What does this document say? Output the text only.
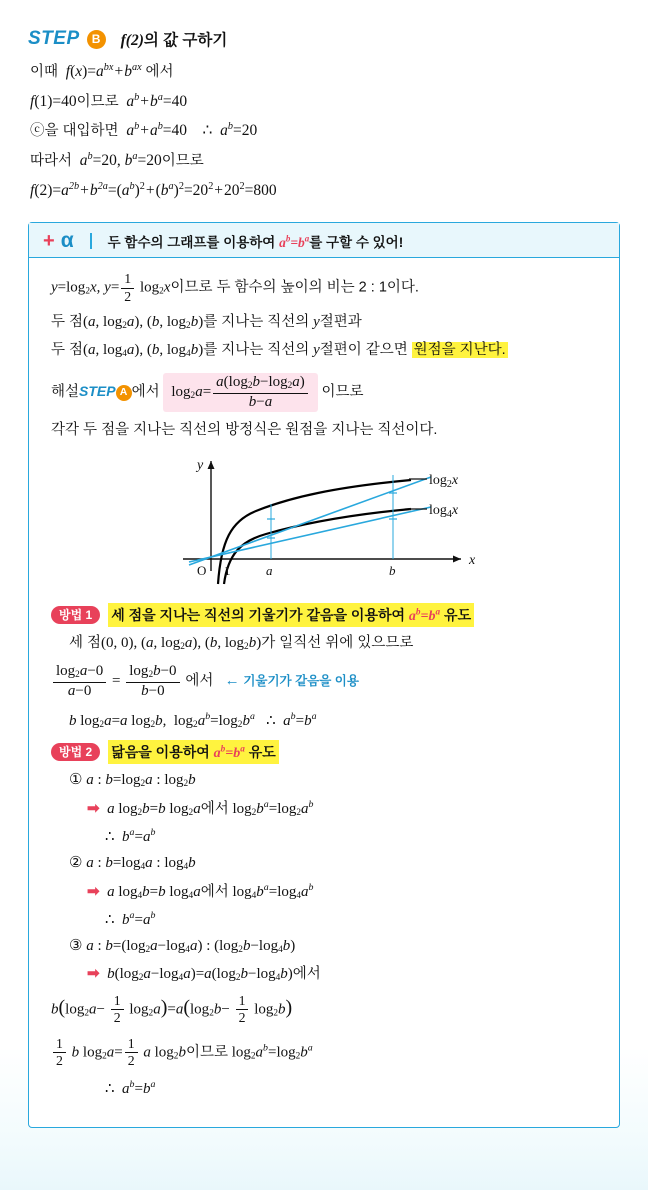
STEP	B	f(2)의 값 구하기
이때 $f(x)=a^{bx}+b^{ax}$ 에서
f(1)=40이므로 $a^b+b^a=40$
ⓒ을 대입하면 $a^b+a^b=40$    ∴  $a^b=20$
따라서 $a^b=20$, $b^a=20$이므로
$f(2)=a^{2b}+b^{2a}=(a^b)^2+(b^a)^2=20^2+20^2=800$
+ α	두 함수의 그래프를 이용하여 $a^b=b^a$를 구할 수 있어!
$y=\log_2x$, $y= \frac{1}{2} \log_2x$이므로 두 함수의 높이의 비는 2 : 1이다.
두 점(a, $\log_2a$), (b, $\log_2b$)를 지나는 직선의 y절편과
두 점(a, $\log_4a$), (b, $\log_4b$)를 지나는 직선의 y절편이 같으면 원점을 지난다.
해설STEP A 에서 $\log_2a= \frac{a(\log_2b-\log_2a)}{b-a}$ 이므로
각각 두 점을 지나는 직선의 방정식은 원점을 지나는 직선이다.
y
x
O 1	a	b
$\log_2x$
$\log_4x$
방법 1	세 점을 지나는 직선의 기울기가 같음을 이용하여 $a^b=b^a$ 유도
세 점(0, 0), (a, $\log_2a$), (b, $\log_2b$)가 일직선 위에 있으므로
$\frac{\log_2a-0}{a-0} = \frac{\log_2b-0}{b-0}$ 에서 ← 기울기가 같음을 이용
b $\log_2a=a$ $\log_2b$,  $\log_2a^b=\log_2b^a$   ∴  $a^b=b^a$
방법 2	닮음을 이용하여 $a^b=b^a$ 유도
① a : $b=\log_2a$ : $\log_2b$
➡ a $\log_2b=b$ $\log_2a$에서 $\log_2b^a=\log_2a^b$
∴  $b^a=a^b$
② a : $b=\log_4a$ : $\log_4b$
➡ a $\log_4b=b$ $\log_4a$에서 $\log_4b^a=\log_4a^b$
∴  $b^a=a^b$
③ a : $b=(\log_2a-\log_4a)$ : $(\log_2b-\log_4b)$
➡ $b(\log_2a-\log_4a)=a(\log_2b-\log_4b)$에서
$b(\log_2a- \frac{1}{2} \log_2a)=a(\log_2b- \frac{1}{2} \log_2b)$
$\frac{1}{2}$ b $\log_2a= \frac{1}{2}$ a $\log_2b$이므로 $\log_2a^b=\log_2b^a$
∴  $a^b=b^a$
